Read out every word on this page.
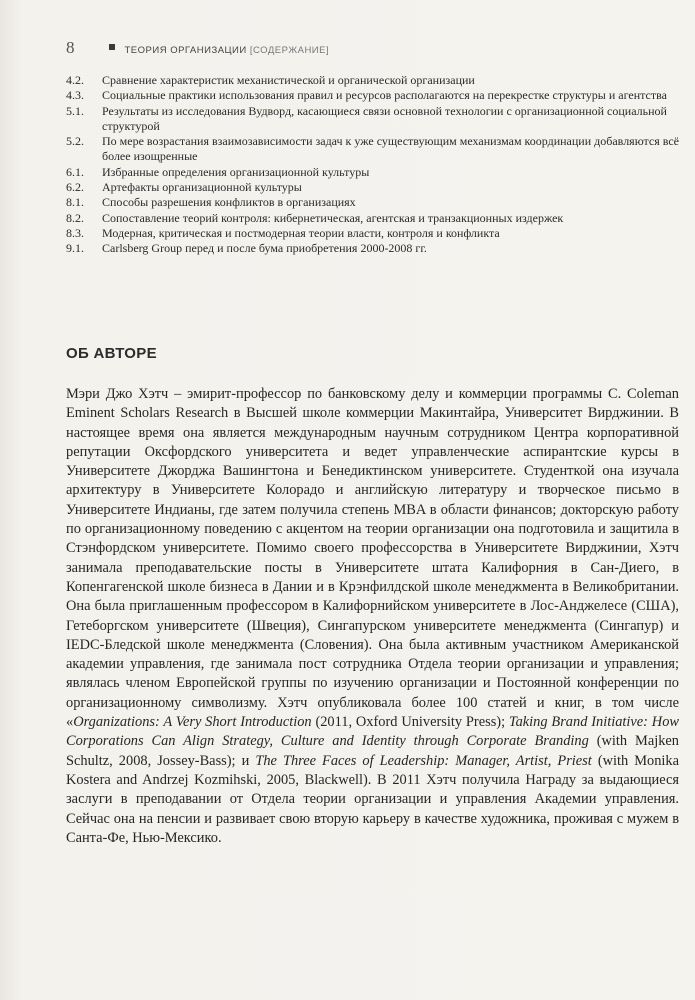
8	ТЕОРИЯ ОРГАНИЗАЦИИ [СОДЕРЖАНИЕ]
4.2.	Сравнение характеристик механистической и органической организации
4.3.	Социальные практики использования правил и ресурсов располагаются на перекрестке структуры и агентства
5.1.	Результаты из исследования Вудворд, касающиеся связи основной технологии с организационной социальной структурой
5.2.	По мере возрастания взаимозависимости задач к уже существующим механизмам координации добавляются всё более изощренные
6.1.	Избранные определения организационной культуры
6.2.	Артефакты организационной культуры
8.1.	Способы разрешения конфликтов в организациях
8.2.	Сопоставление теорий контроля: кибернетическая, агентская и транзакционных издержек
8.3.	Модерная, критическая и постмодерная теории власти, контроля и конфликта
9.1.	Carlsberg Group перед и после бума приобретения 2000-2008 гг.
ОБ АВТОРЕ
Мэри Джо Хэтч – эмирит-профессор по банковскому делу и коммерции программы C. Coleman Eminent Scholars Research в Высшей школе коммерции Макинтайра, Университет Вирджинии. В настоящее время она является международным научным сотрудником Центра корпоративной репутации Оксфордского университета и ведет управленческие аспирантские курсы в Университете Джорджа Вашингтона и Бенедиктинском университете. Студенткой она изучала архитектуру в Университете Колорадо и английскую литературу и творческое письмо в Университете Индианы, где затем получила степень MBA в области финансов; докторскую работу по организационному поведению с акцентом на теории организации она подготовила и защитила в Стэнфордском университете. Помимо своего профессорства в Университете Вирджинии, Хэтч занимала преподавательские посты в Университете штата Калифорния в Сан-Диего, в Копенгагенской школе бизнеса в Дании и в Крэнфилдской школе менеджмента в Великобритании. Она была приглашенным профессором в Калифорнийском университете в Лос-Анджелесе (США), Гетеборгском университете (Швеция), Сингапурском университете менеджмента (Сингапур) и IEDC-Бледской школе менеджмента (Словения). Она была активным участником Американской академии управления, где занимала пост сотрудника Отдела теории организации и управления; являлась членом Европейской группы по изучению организации и Постоянной конференции по организационному символизму. Хэтч опубликовала более 100 статей и книг, в том числе «Organizations: A Very Short Introduction (2011, Oxford University Press); Taking Brand Initiative: How Corporations Can Align Strategy, Culture and Identity through Corporate Branding (with Majken Schultz, 2008, Jossey-Bass); и The Three Faces of Leadership: Manager, Artist, Priest (with Monika Kostera and Andrzej Kozmihski, 2005, Blackwell). В 2011 Хэтч получила Награду за выдающиеся заслуги в преподавании от Отдела теории организации и управления Академии управления. Сейчас она на пенсии и развивает свою вторую карьеру в качестве художника, проживая с мужем в Санта-Фе, Нью-Мексико.
